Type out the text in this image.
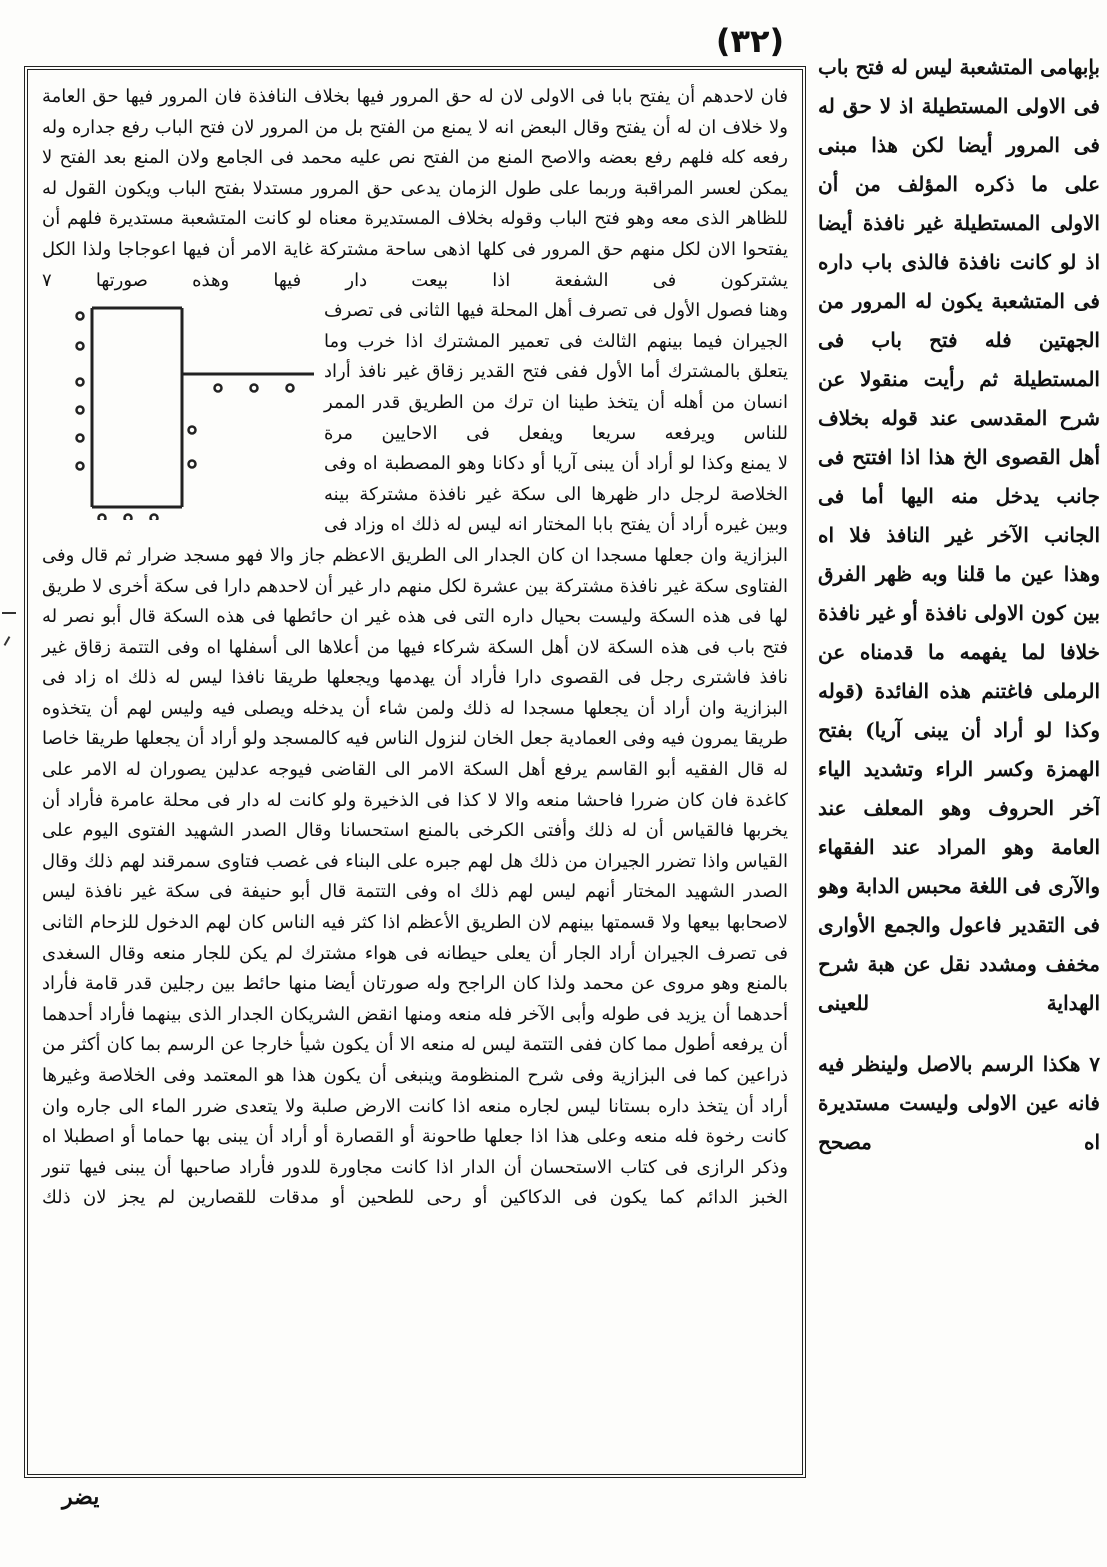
(٣٢)

فان لاحدهم أن يفتح بابا فى الاولى لان له حق المرور فيها بخلاف النافذة فان المرور فيها حق العامة ولا خلاف ان له أن يفتح وقال البعض انه لا يمنع من الفتح بل من المرور لان فتح الباب رفع جداره وله رفعه كله فلهم رفع بعضه والاصح المنع من الفتح نص عليه محمد فى الجامع ولان المنع بعد الفتح لا يمكن لعسر المراقبة وربما على طول الزمان يدعى حق المرور مستدلا بفتح الباب ويكون القول له للظاهر الذى معه وهو فتح الباب وقوله بخلاف المستديرة معناه لو كانت المتشعبة مستديرة فلهم أن يفتحوا الان لكل منهم حق المرور فى كلها اذهى ساحة مشتركة غاية الامر أن فيها اعوجاجا ولذا الكل يشتركون فى الشفعة اذا بيعت دار فيها وهذه صورتها ٧

وهنا فصول الأول فى تصرف أهل المحلة فيها الثانى فى تصرف الجيران فيما بينهم الثالث فى تعمير المشترك اذا خرب وما يتعلق بالمشترك أما الأول ففى فتح القدير زقاق غير نافذ أراد انسان من أهله أن يتخذ طينا ان ترك من الطريق قدر الممر للناس ويرفعه سريعا ويفعل فى الاحايين مرة

لا يمنع وكذا لو أراد أن يبنى آريا أو دكانا وهو المصطبة اه وفى الخلاصة لرجل دار ظهرها الى سكة غير نافذة مشتركة بينه وبين غيره أراد أن يفتح بابا المختار انه ليس له ذلك اه وزاد فى البزازية وان جعلها مسجدا ان كان الجدار الى الطريق الاعظم جاز والا فهو مسجد ضرار ثم قال وفى الفتاوى سكة غير نافذة مشتركة بين عشرة لكل منهم دار غير أن لاحدهم دارا فى سكة أخرى لا طريق لها فى هذه السكة وليست بحيال داره التى فى هذه غير ان حائطها فى هذه السكة قال أبو نصر له فتح باب فى هذه السكة لان أهل السكة شركاء فيها من أعلاها الى أسفلها اه وفى التتمة زقاق غير نافذ فاشترى رجل فى القصوى دارا فأراد أن يهدمها ويجعلها طريقا نافذا ليس له ذلك اه زاد فى البزازية وان أراد أن يجعلها مسجدا له ذلك ولمن شاء أن يدخله ويصلى فيه وليس لهم أن يتخذوه طريقا يمرون فيه وفى العمادية جعل الخان لنزول الناس فيه كالمسجد ولو أراد أن يجعلها طريقا خاصا له قال الفقيه أبو القاسم يرفع أهل السكة الامر الى القاضى فيوجه عدلين يصوران له الامر على كاغدة فان كان ضررا فاحشا منعه والا لا كذا فى الذخيرة ولو كانت له دار فى محلة عامرة فأراد أن يخربها فالقياس أن له ذلك وأفتى الكرخى بالمنع استحسانا وقال الصدر الشهيد الفتوى اليوم على القياس واذا تضرر الجيران من ذلك هل لهم جبره على البناء فى غصب فتاوى سمرقند لهم ذلك وقال الصدر الشهيد المختار أنهم ليس لهم ذلك اه وفى التتمة قال أبو حنيفة فى سكة غير نافذة ليس لاصحابها بيعها ولا قسمتها بينهم لان الطريق الأعظم اذا كثر فيه الناس كان لهم الدخول للزحام الثانى فى تصرف الجيران أراد الجار أن يعلى حيطانه فى هواء مشترك لم يكن للجار منعه وقال السغدى بالمنع وهو مروى عن محمد ولذا كان الراجح وله صورتان أيضا منها حائط بين رجلين قدر قامة فأراد أحدهما أن يزيد فى طوله وأبى الآخر فله منعه ومنها انقض الشريكان الجدار الذى بينهما فأراد أحدهما أن يرفعه أطول مما كان ففى التتمة ليس له منعه الا أن يكون شيأ خارجا عن الرسم بما كان أكثر من ذراعين كما فى البزازية وفى شرح المنظومة وينبغى أن يكون هذا هو المعتمد وفى الخلاصة وغيرها أراد أن يتخذ داره بستانا ليس لجاره منعه اذا كانت الارض صلبة ولا يتعدى ضرر الماء الى جاره وان كانت رخوة فله منعه وعلى هذا اذا جعلها طاحونة أو القصارة أو أراد أن يبنى بها حماما أو اصطبلا اه وذكر الرازى فى كتاب الاستحسان أن الدار اذا كانت مجاورة للدور فأراد صاحبها أن يبنى فيها تنور الخبز الدائم كما يكون فى الدكاكين أو رحى للطحين أو مدقات للقصارين لم يجز لان ذلك

بإبهامى المتشعبة ليس له فتح باب فى الاولى المستطيلة اذ لا حق له فى المرور أيضا لكن هذا مبنى على ما ذكره المؤلف من أن الاولى المستطيلة غير نافذة أيضا اذ لو كانت نافذة فالذى باب داره فى المتشعبة يكون له المرور من الجهتين فله فتح باب فى المستطيلة ثم رأيت منقولا عن شرح المقدسى عند قوله بخلاف أهل القصوى الخ هذا اذا افتتح فى جانب يدخل منه اليها أما فى الجانب الآخر غير النافذ فلا اه وهذا عين ما قلنا وبه ظهر الفرق بين كون الاولى نافذة أو غير نافذة خلافا لما يفهمه ما قدمناه عن الرملى فاغتنم هذه الفائدة (قوله وكذا لو أراد أن يبنى آريا) بفتح الهمزة وكسر الراء وتشديد الياء آخر الحروف وهو المعلف عند العامة وهو المراد عند الفقهاء والآرى فى اللغة محبس الدابة وهو فى التقدير فاعول والجمع الأوارى مخفف ومشدد نقل عن هبة شرح الهداية للعينى

٧ هكذا الرسم بالاصل ولينظر فيه فانه عين الاولى وليست مستديرة اه مصحح

يضر
